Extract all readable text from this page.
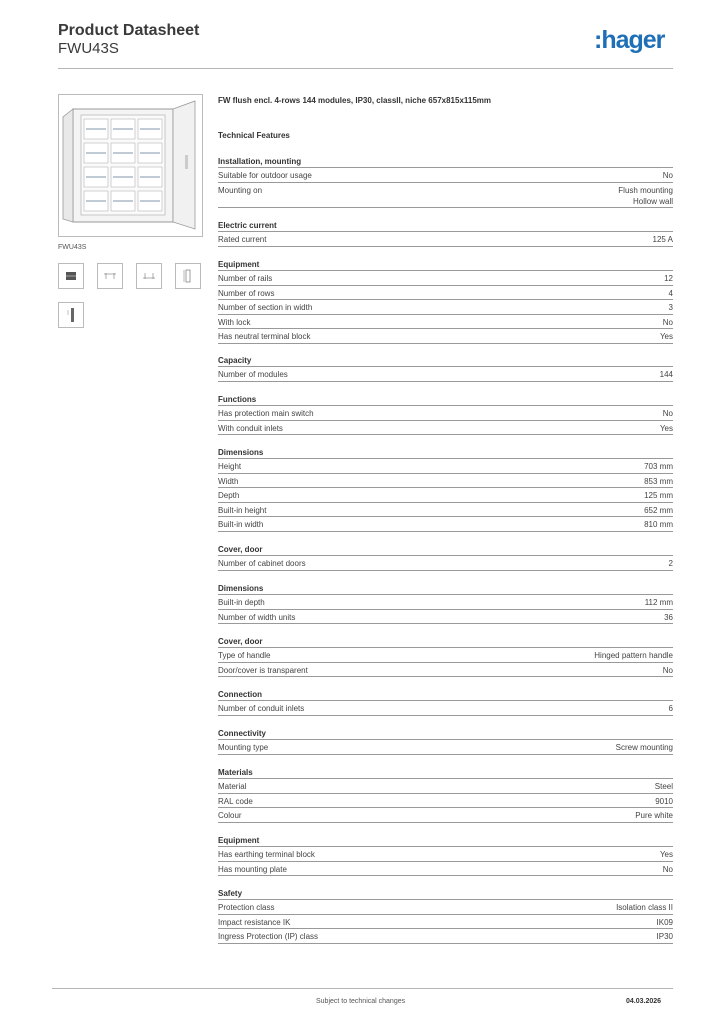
Product Datasheet
FWU43S	:hager
FWU43S
FW flush encl. 4-rows 144 modules, IP30, classII, niche 657x815x115mm
Technical Features
Installation, mounting
Suitable for outdoor usage	No
Mounting on	Flush mounting
Hollow wall
Electric current
Rated current	125 A
Equipment
Number of rails	12
Number of rows	4
Number of section in width	3
With lock	No
Has neutral terminal block	Yes
Capacity
Number of modules	144
Functions
Has protection main switch	No
With conduit inlets	Yes
Dimensions
Height	703 mm
Width	853 mm
Depth	125 mm
Built-in height	652 mm
Built-in width	810 mm
Cover, door
Number of cabinet doors	2
Dimensions
Built-in depth	112 mm
Number of width units	36
Cover, door
Type of handle	Hinged pattern handle
Door/cover is transparent	No
Connection
Number of conduit inlets	6
Connectivity
Mounting type	Screw mounting
Materials
Material	Steel
RAL code	9010
Colour	Pure white
Equipment
Has earthing terminal block	Yes
Has mounting plate	No
Safety
Protection class	Isolation class II
Impact resistance IK	IK09
Ingress Protection (IP) class	IP30
Subject to technical changes	04.03.2026
